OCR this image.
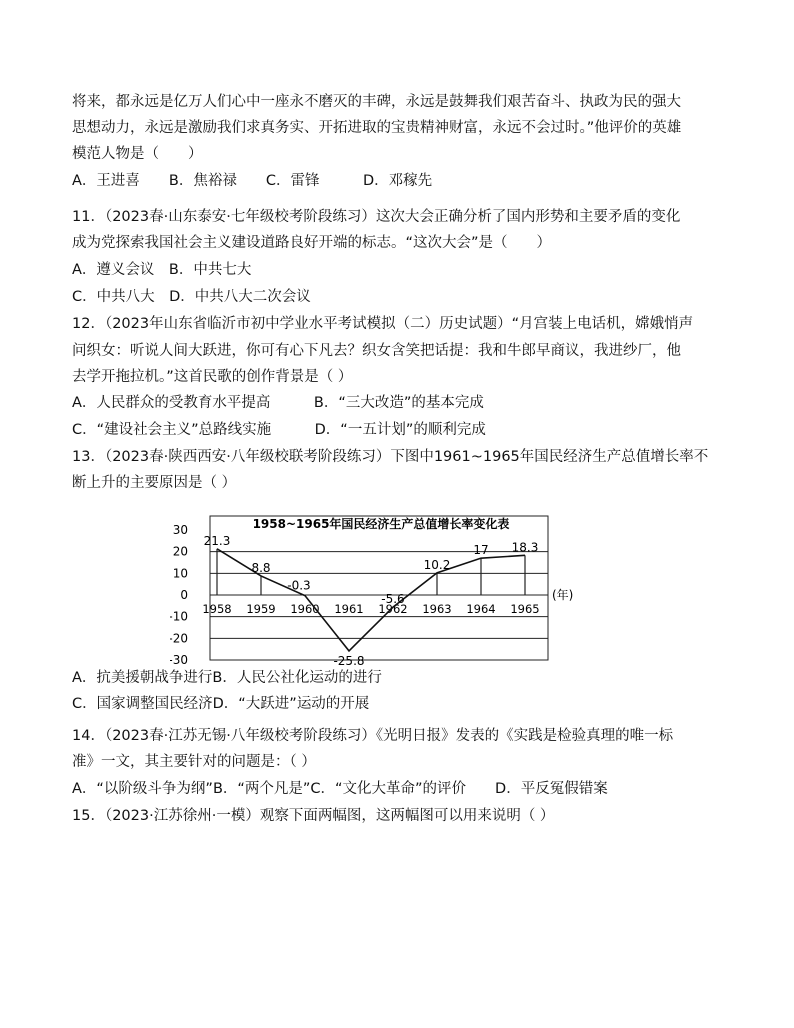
将来，都永远是亿万人们心中一座永不磨灭的丰碑，永远是鼓舞我们艰苦奋斗、执政为民的强大
思想动力，永远是激励我们求真务实、开拓进取的宝贵精神财富，永远不会过时。”他评价的英雄
模范人物是（　　）
A．王进喜　　B．焦裕禄　　C．雷锋　　　D．邓稼先
11．（2023春·山东泰安·七年级校考阶段练习）这次大会正确分析了国内形势和主要矛盾的变化
成为党探索我国社会主义建设道路良好开端的标志。“这次大会”是（　　）
A．遵义会议　B．中共七大
C．中共八大　D．中共八大二次会议
12．（2023年山东省临沂市初中学业水平考试模拟（二）历史试题）“月宫装上电话机，嫦娥悄声
问织女：听说人间大跃进，你可有心下凡去？织女含笑把话提：我和牛郎早商议，我进纱厂，他
去学开拖拉机。”这首民歌的创作背景是（ ）
A．人民群众的受教育水平提高　　　B．“三大改造”的基本完成
C．“建设社会主义”总路线实施　　　D．“一五计划”的顺利完成
13．（2023春·陕西西安·八年级校联考阶段练习）下图中1961~1965年国民经济生产总值增长率不
断上升的主要原因是（ ）
A．抗美援朝战争进行B．人民公社化运动的进行
C．国家调整国民经济D．“大跃进”运动的开展
14．（2023春·江苏无锡·八年级校考阶段练习）《光明日报》发表的《实践是检验真理的唯一标
准》一文，其主要针对的问题是：（ ）
A．“以阶级斗争为纲”B．“两个凡是”C．“文化大革命”的评价　　D．平反冤假错案
15．（2023·江苏徐州·一模）观察下面两幅图，这两幅图可以用来说明（ ）
1958~1965年国民经济生产总值增长率变化表
30
20
10
0
-10
-20
-30
1958 1959 1960 1961 1962 1963 1964 1965
(年)
21.3
8.8
-0.3
-25.8
-5.6
10.2
17 18.3
